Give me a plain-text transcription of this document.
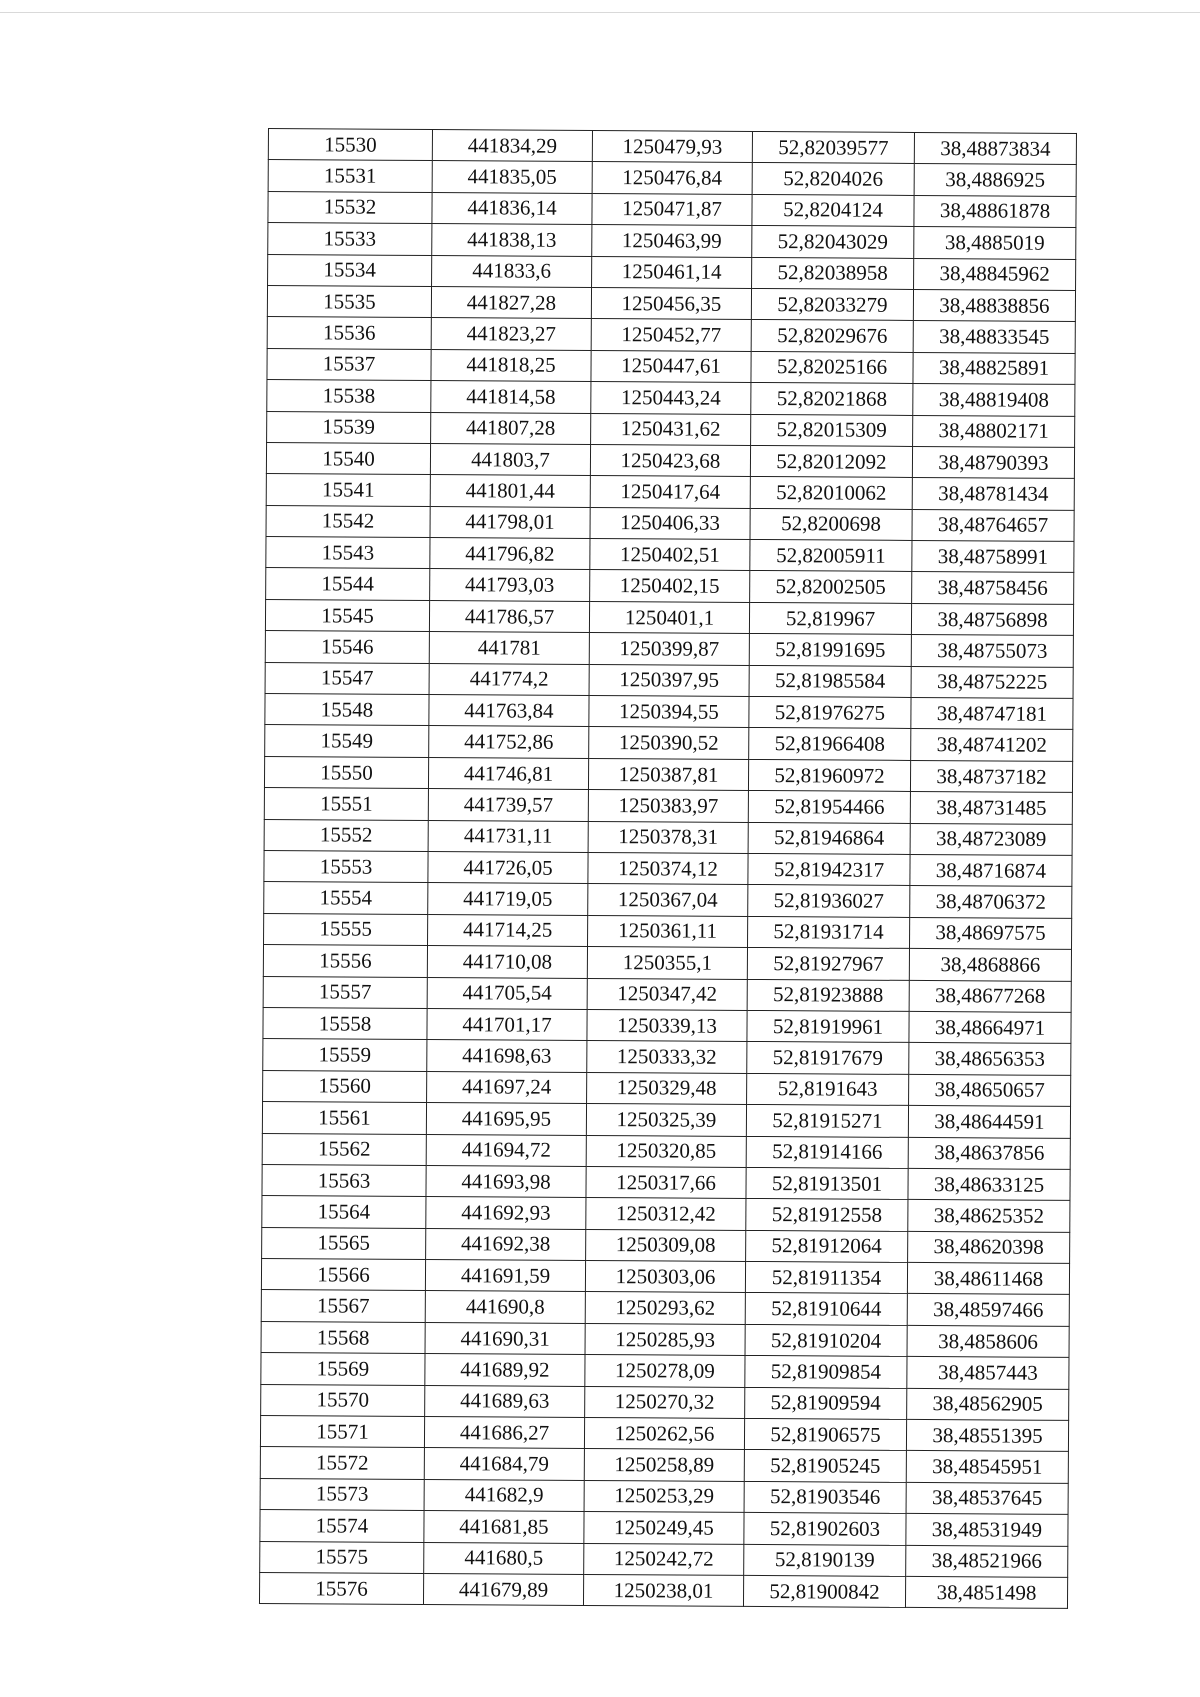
15530	441834,29	1250479,93	52,82039577	38,48873834
15531	441835,05	1250476,84	52,8204026	38,4886925
15532	441836,14	1250471,87	52,8204124	38,48861878
15533	441838,13	1250463,99	52,82043029	38,4885019
15534	441833,6	1250461,14	52,82038958	38,48845962
15535	441827,28	1250456,35	52,82033279	38,48838856
15536	441823,27	1250452,77	52,82029676	38,48833545
15537	441818,25	1250447,61	52,82025166	38,48825891
15538	441814,58	1250443,24	52,82021868	38,48819408
15539	441807,28	1250431,62	52,82015309	38,48802171
15540	441803,7	1250423,68	52,82012092	38,48790393
15541	441801,44	1250417,64	52,82010062	38,48781434
15542	441798,01	1250406,33	52,8200698	38,48764657
15543	441796,82	1250402,51	52,82005911	38,48758991
15544	441793,03	1250402,15	52,82002505	38,48758456
15545	441786,57	1250401,1	52,819967	38,48756898
15546	441781	1250399,87	52,81991695	38,48755073
15547	441774,2	1250397,95	52,81985584	38,48752225
15548	441763,84	1250394,55	52,81976275	38,48747181
15549	441752,86	1250390,52	52,81966408	38,48741202
15550	441746,81	1250387,81	52,81960972	38,48737182
15551	441739,57	1250383,97	52,81954466	38,48731485
15552	441731,11	1250378,31	52,81946864	38,48723089
15553	441726,05	1250374,12	52,81942317	38,48716874
15554	441719,05	1250367,04	52,81936027	38,48706372
15555	441714,25	1250361,11	52,81931714	38,48697575
15556	441710,08	1250355,1	52,81927967	38,4868866
15557	441705,54	1250347,42	52,81923888	38,48677268
15558	441701,17	1250339,13	52,81919961	38,48664971
15559	441698,63	1250333,32	52,81917679	38,48656353
15560	441697,24	1250329,48	52,8191643	38,48650657
15561	441695,95	1250325,39	52,81915271	38,48644591
15562	441694,72	1250320,85	52,81914166	38,48637856
15563	441693,98	1250317,66	52,81913501	38,48633125
15564	441692,93	1250312,42	52,81912558	38,48625352
15565	441692,38	1250309,08	52,81912064	38,48620398
15566	441691,59	1250303,06	52,81911354	38,48611468
15567	441690,8	1250293,62	52,81910644	38,48597466
15568	441690,31	1250285,93	52,81910204	38,4858606
15569	441689,92	1250278,09	52,81909854	38,4857443
15570	441689,63	1250270,32	52,81909594	38,48562905
15571	441686,27	1250262,56	52,81906575	38,48551395
15572	441684,79	1250258,89	52,81905245	38,48545951
15573	441682,9	1250253,29	52,81903546	38,48537645
15574	441681,85	1250249,45	52,81902603	38,48531949
15575	441680,5	1250242,72	52,8190139	38,48521966
15576	441679,89	1250238,01	52,81900842	38,4851498
